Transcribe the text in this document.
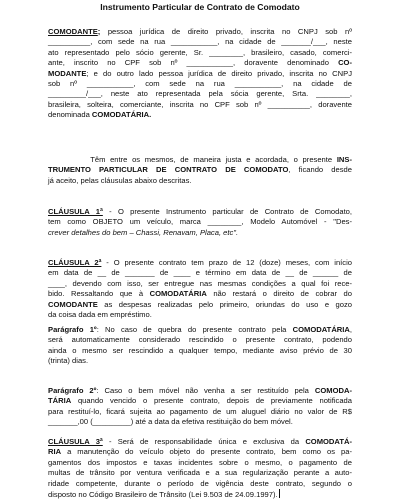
Instrumento Particular de Contrato de Comodato
COMODANTE; pessoa jurídica de direito privado, inscrita no CNPJ sob nº
__________, com sede na rua ___________, na cidade de _______/___, neste
ato representado pelo sócio gerente, Sr. ________, brasileiro, casado, comerci-
ante, inscrito no CPF sob nº ___________, doravente denominado CO-
MODANTE; e do outro lado pessoa jurídica de direito privado, inscrita no CNPJ
sob nº ___________, com sede na rua ___________, na cidade de
_________/___, neste ato representada pela sócia gerente, Srta. ________,
brasileira, solteira, comerciante, inscrita no CPF sob nº __________, doravente
denominada COMODATÁRIA.
Têm entre os mesmos, de maneira justa e acordada, o presente INS-
TRUMENTO PARTICULAR DE CONTRATO DE COMODATO, ficando desde
já aceito, pelas cláusulas abaixo descritas.
CLÁUSULA 1ª - O presente Instrumento particular de Contrato de Comodato,
tem como OBJETO um veículo, marca ________, Modelo Automóvel - "Des-
crever detalhes do bem – Chassi, Renavam, Placa, etc".
CLÁUSULA 2ª - O presente contrato tem prazo de 12 (doze) meses, com início
em data de __ de _______ de ____ e término em data de __ de ______ de
____, devendo com isso, ser entregue nas mesmas condições a qual foi rece-
bido. Ressaltando que à COMODATÁRIA não restará o direito de cobrar do
COMODANTE as despesas realizadas pelo primeiro, oriundas do uso e gozo
da coisa dada em empréstimo.
Parágrafo 1º: No caso de quebra do presente contrato pela COMODATÁRIA,
será automaticamente considerado rescindido o presente contrato, podendo
ainda o mesmo ser rescindido a qualquer tempo, mediante aviso prévio de 30
(trinta) dias.
Parágrafo 2º: Caso o bem móvel não venha a ser restituído pela COMODA-
TÁRIA quando vencido o presente contrato, depois de previamente notificada
para restituí-lo, ficará sujeita ao pagamento de um aluguel diário no valor de R$
_______,00 (_________) até a data da efetiva restituição do bem móvel.
CLÁUSULA 3ª - Será de responsabilidade única e exclusiva da COMODATÁ-
RIA a manutenção do veículo objeto do presente contrato, bem como os pa-
gamentos dos impostos e taxas incidentes sobre o mesmo, o pagamento de
multas de trânsito por ventura verificada e a sua regularização perante a auto-
ridade competente, durante o período de vigência deste contrato, segundo o
disposto no Código Brasileiro de Trânsito (Lei 9.503 de 24.09.1997).
